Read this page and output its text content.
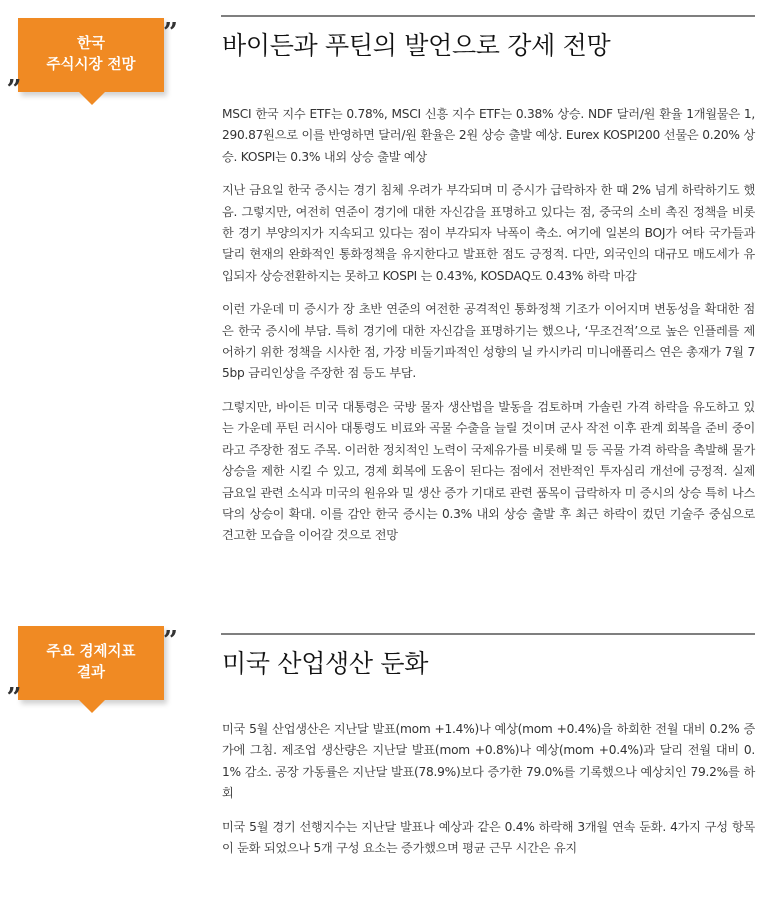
한국
주식시장 전망
„
” 바이든과 푸틴의 발언으로 강세 전망

MSCI 한국 지수 ETF는 0.78%, MSCI 신흥 지수 ETF는 0.38% 상승. NDF 달러/원 환율 1개월물은 1,290.87원으로 이를 반영하면 달러/원 환율은 2원 상승 출발 예상. Eurex KOSPI200 선물은 0.20% 상승. KOSPI는 0.3% 내외 상승 출발 예상

지난 금요일 한국 증시는 경기 침체 우려가 부각되며 미 증시가 급락하자 한 때 2% 넘게 하락하기도 했음. 그렇지만, 여전히 연준이 경기에 대한 자신감을 표명하고 있다는 점, 중국의 소비 촉진 정책을 비롯한 경기 부양의지가 지속되고 있다는 점이 부각되자 낙폭이 축소. 여기에 일본의 BOJ가 여타 국가들과 달리 현재의 완화적인 통화정책을 유지한다고 발표한 점도 긍정적. 다만, 외국인의 대규모 매도세가 유입되자 상승전환하지는 못하고 KOSPI 는 0.43%, KOSDAQ도 0.43% 하락 마감

이런 가운데 미 증시가 장 초반 연준의 여전한 공격적인 통화정책 기조가 이어지며 변동성을 확대한 점은 한국 증시에 부담. 특히 경기에 대한 자신감을 표명하기는 했으나, ‘무조건적’으로 높은 인플레를 제어하기 위한 정책을 시사한 점, 가장 비둘기파적인 성향의 닐 카시카리 미니애폴리스 연은 총재가 7월 75bp 금리인상을 주장한 점 등도 부담.

그렇지만, 바이든 미국 대통령은 국방 물자 생산법을 발동을 검토하며 가솔린 가격 하락을 유도하고 있는 가운데 푸틴 러시아 대통령도 비료와 곡물 수출을 늘릴 것이며 군사 작전 이후 관계 회복을 준비 중이라고 주장한 점도 주목. 이러한 정치적인 노력이 국제유가를 비롯해 밀 등 곡물 가격 하락을 촉발해 물가 상승을 제한 시킬 수 있고, 경제 회복에 도움이 된다는 점에서 전반적인 투자심리 개선에 긍정적. 실제 금요일 관련 소식과 미국의 원유와 밀 생산 증가 기대로 관련 품목이 급락하자 미 증시의 상승 특히 나스닥의 상승이 확대. 이를 감안 한국 증시는 0.3% 내외 상승 출발 후 최근 하락이 컸던 기술주 중심으로 견고한 모습을 이어갈 것으로 전망

주요 경제지표
결과
„
”
미국 산업생산 둔화

미국 5월 산업생산은 지난달 발표(mom +1.4%)나 예상(mom +0.4%)을 하회한 전월 대비 0.2% 증가에 그침. 제조업 생산량은 지난달 발표(mom +0.8%)나 예상(mom +0.4%)과 달리 전월 대비 0.1% 감소. 공장 가동률은 지난달 발표(78.9%)보다 증가한 79.0%를 기록했으나 예상치인 79.2%를 하회

미국 5월 경기 선행지수는 지난달 발표나 예상과 같은 0.4% 하락해 3개월 연속 둔화. 4가지 구성 항목이 둔화 되었으나 5개 구성 요소는 증가했으며 평균 근무 시간은 유지
